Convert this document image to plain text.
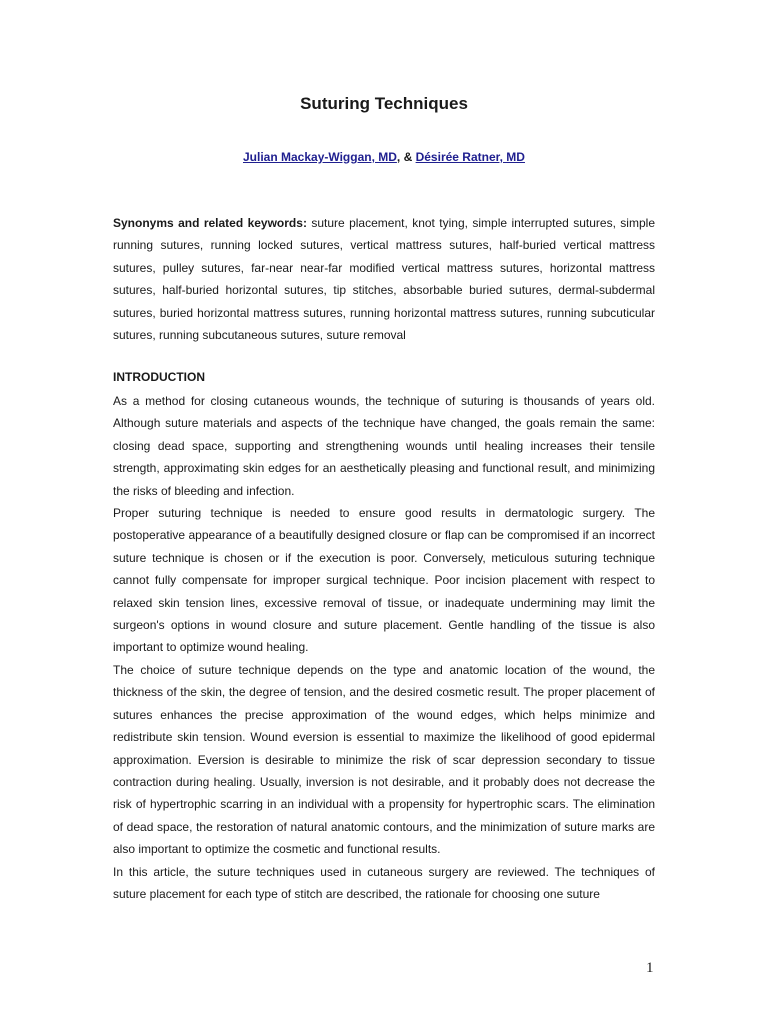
Suturing Techniques
Julian Mackay-Wiggan, MD, & Désirée Ratner, MD

Synonyms and related keywords: suture placement, knot tying, simple interrupted sutures, simple running sutures, running locked sutures, vertical mattress sutures, half-buried vertical mattress sutures, pulley sutures, far-near near-far modified vertical mattress sutures, horizontal mattress sutures, half-buried horizontal sutures, tip stitches, absorbable buried sutures, dermal-subdermal sutures, buried horizontal mattress sutures, running horizontal mattress sutures, running subcuticular sutures, running subcutaneous sutures, suture removal

INTRODUCTION

As a method for closing cutaneous wounds, the technique of suturing is thousands of years old. Although suture materials and aspects of the technique have changed, the goals remain the same: closing dead space, supporting and strengthening wounds until healing increases their tensile strength, approximating skin edges for an aesthetically pleasing and functional result, and minimizing the risks of bleeding and infection.

Proper suturing technique is needed to ensure good results in dermatologic surgery. The postoperative appearance of a beautifully designed closure or flap can be compromised if an incorrect suture technique is chosen or if the execution is poor. Conversely, meticulous suturing technique cannot fully compensate for improper surgical technique. Poor incision placement with respect to relaxed skin tension lines, excessive removal of tissue, or inadequate undermining may limit the surgeon's options in wound closure and suture placement. Gentle handling of the tissue is also important to optimize wound healing.

The choice of suture technique depends on the type and anatomic location of the wound, the thickness of the skin, the degree of tension, and the desired cosmetic result. The proper placement of sutures enhances the precise approximation of the wound edges, which helps minimize and redistribute skin tension. Wound eversion is essential to maximize the likelihood of good epidermal approximation. Eversion is desirable to minimize the risk of scar depression secondary to tissue contraction during healing. Usually, inversion is not desirable, and it probably does not decrease the risk of hypertrophic scarring in an individual with a propensity for hypertrophic scars. The elimination of dead space, the restoration of natural anatomic contours, and the minimization of suture marks are also important to optimize the cosmetic and functional results.

In this article, the suture techniques used in cutaneous surgery are reviewed. The techniques of suture placement for each type of stitch are described, the rationale for choosing one suture

1
